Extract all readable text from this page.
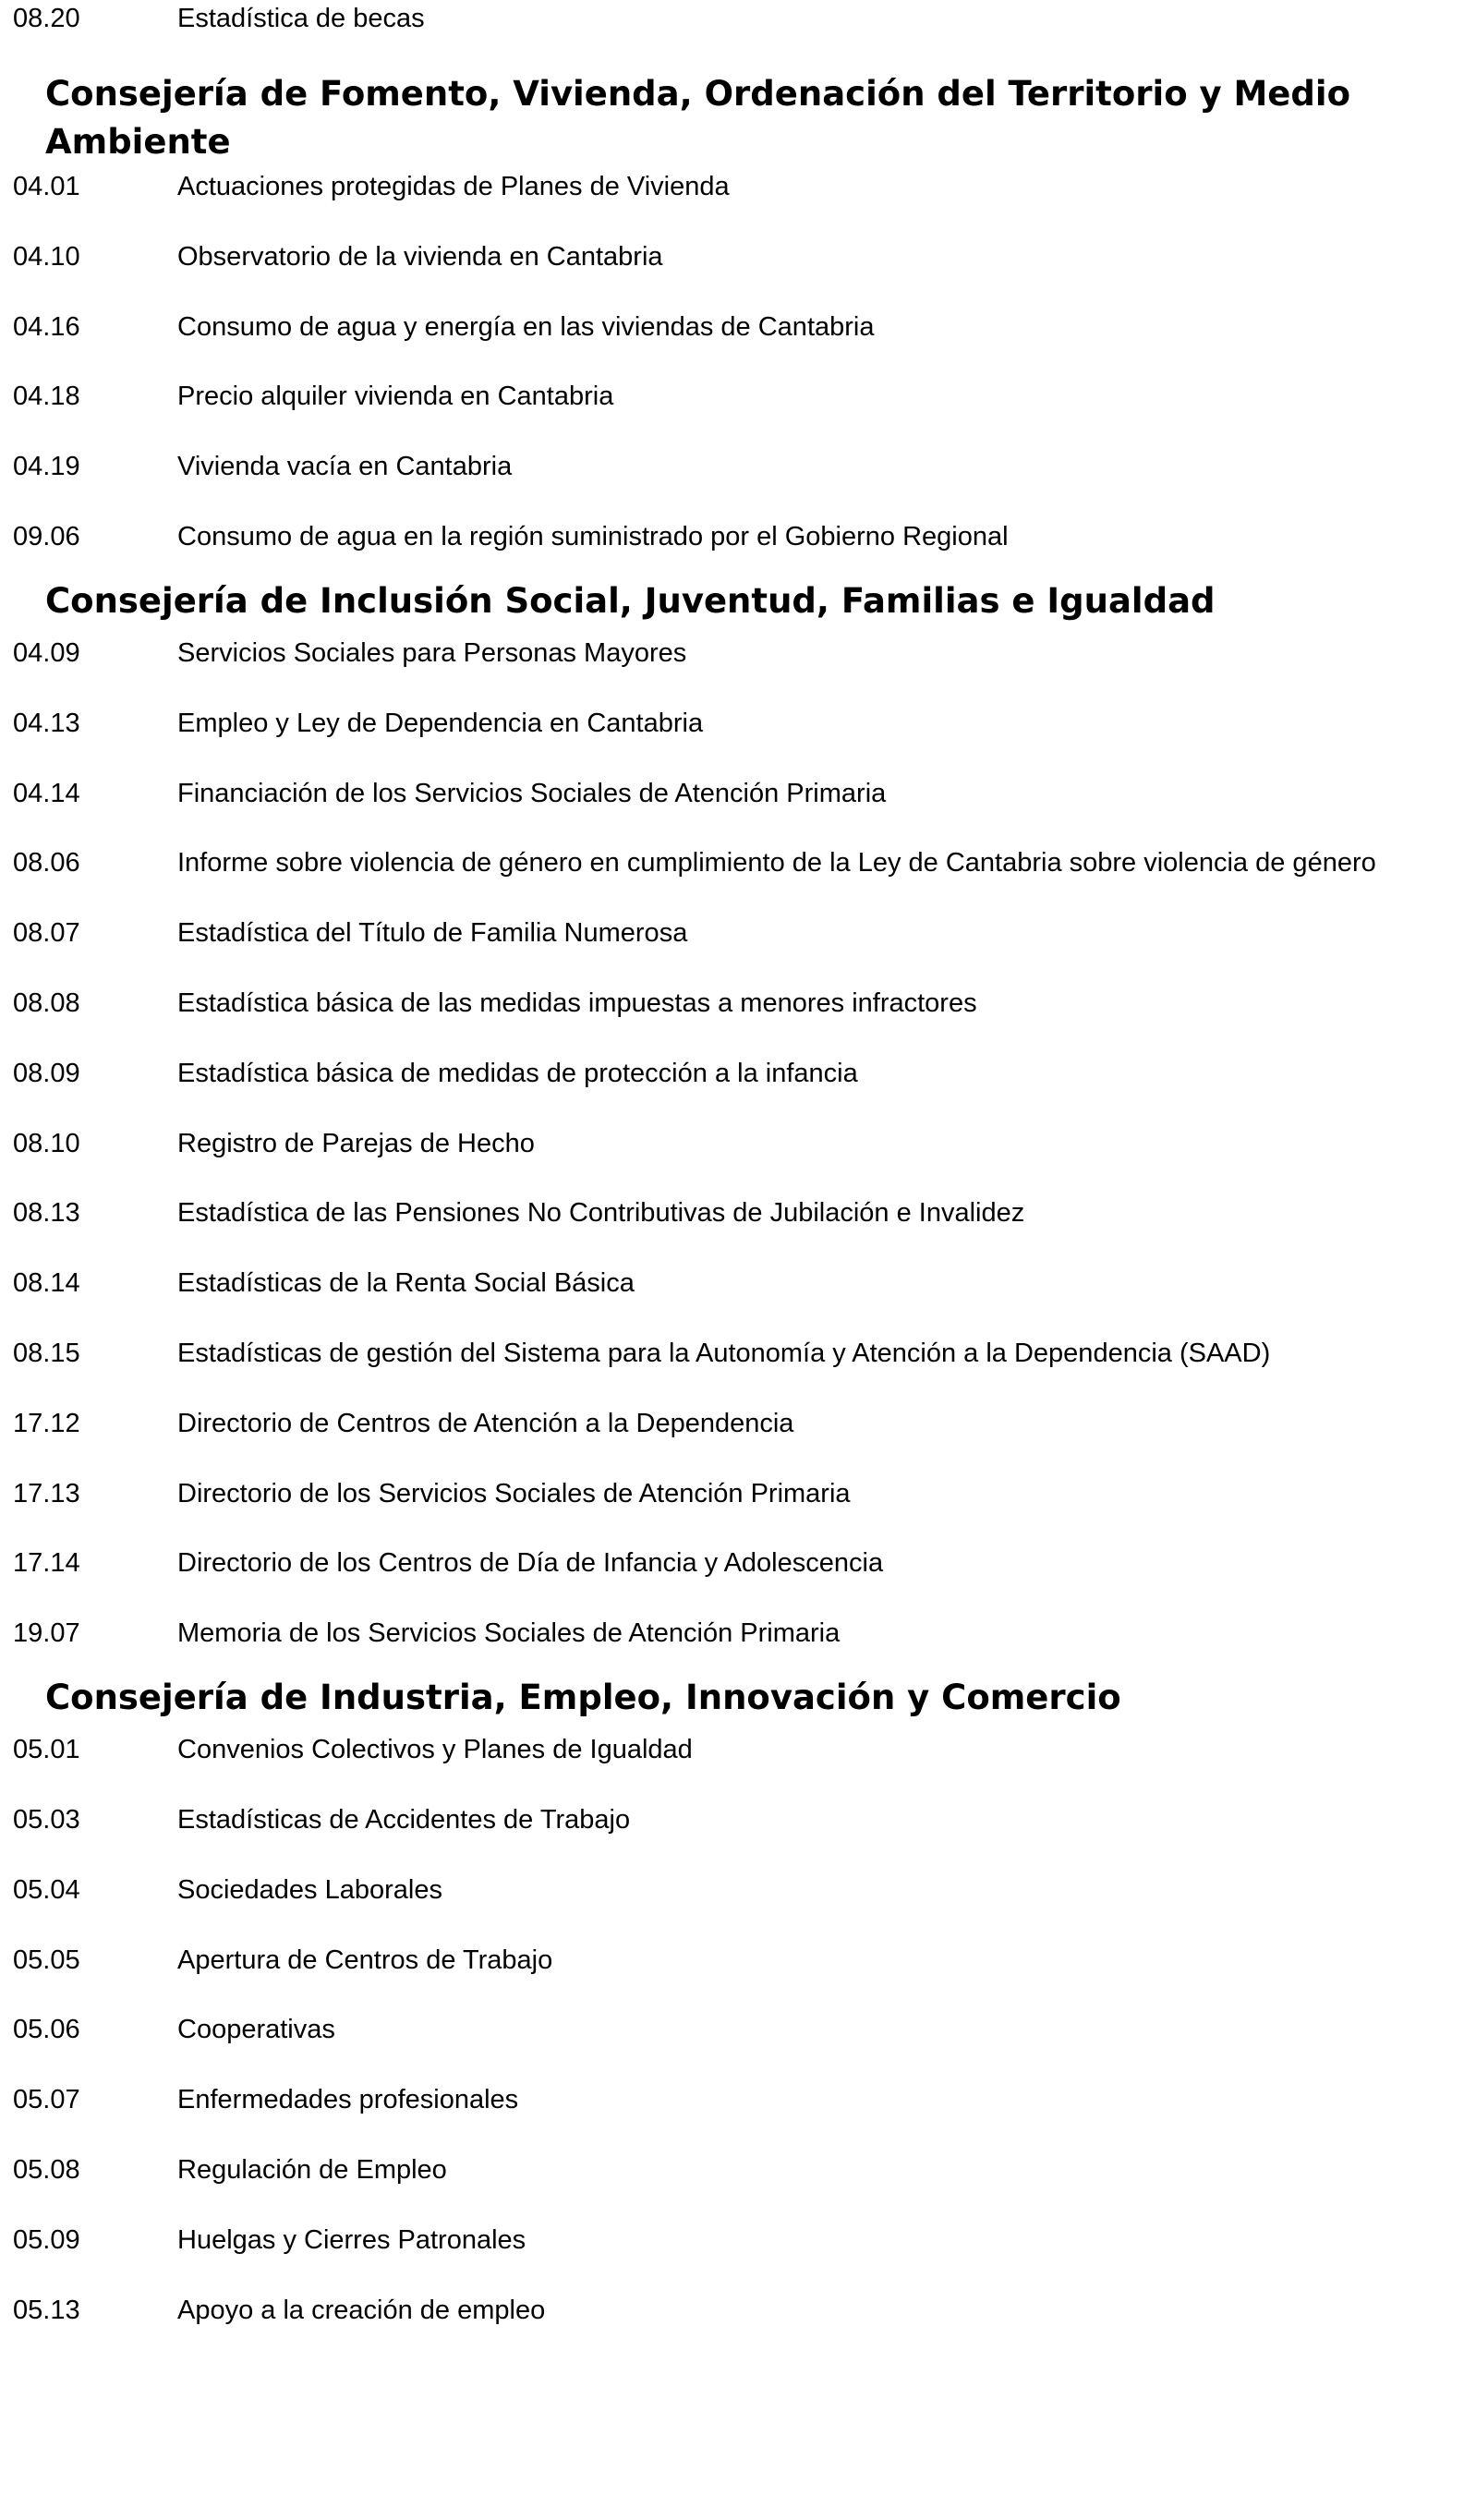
08.20	Estadística de becas
Consejería de Fomento, Vivienda, Ordenación del Territorio y Medio Ambiente
04.01	Actuaciones protegidas de Planes de Vivienda
04.10	Observatorio de la vivienda en Cantabria
04.16	Consumo de agua y energía en las viviendas de Cantabria
04.18	Precio alquiler vivienda en Cantabria
04.19	Vivienda vacía en Cantabria
09.06	Consumo de agua en la región suministrado por el Gobierno Regional
Consejería de Inclusión Social, Juventud, Familias e Igualdad
04.09	Servicios Sociales para Personas Mayores
04.13	Empleo y Ley de Dependencia en Cantabria
04.14	Financiación de los Servicios Sociales de Atención Primaria
08.06	Informe sobre violencia de género en cumplimiento de la Ley de Cantabria sobre violencia de género
08.07	Estadística del Título de Familia Numerosa
08.08	Estadística básica de las medidas impuestas a menores infractores
08.09	Estadística básica de medidas de protección a la infancia
08.10	Registro de Parejas de Hecho
08.13	Estadística de las Pensiones No Contributivas de Jubilación e Invalidez
08.14	Estadísticas de la Renta Social Básica
08.15	Estadísticas de gestión del Sistema para la Autonomía y Atención a la Dependencia (SAAD)
17.12	Directorio de Centros de Atención a la Dependencia
17.13	Directorio de los Servicios Sociales de Atención Primaria
17.14	Directorio de los Centros de Día de Infancia y Adolescencia
19.07	Memoria de los Servicios Sociales de Atención Primaria
Consejería de Industria, Empleo, Innovación y Comercio
05.01	Convenios Colectivos y Planes de Igualdad
05.03	Estadísticas de Accidentes de Trabajo
05.04	Sociedades Laborales
05.05	Apertura de Centros de Trabajo
05.06	Cooperativas
05.07	Enfermedades profesionales
05.08	Regulación de Empleo
05.09	Huelgas y Cierres Patronales
05.13	Apoyo a la creación de empleo
